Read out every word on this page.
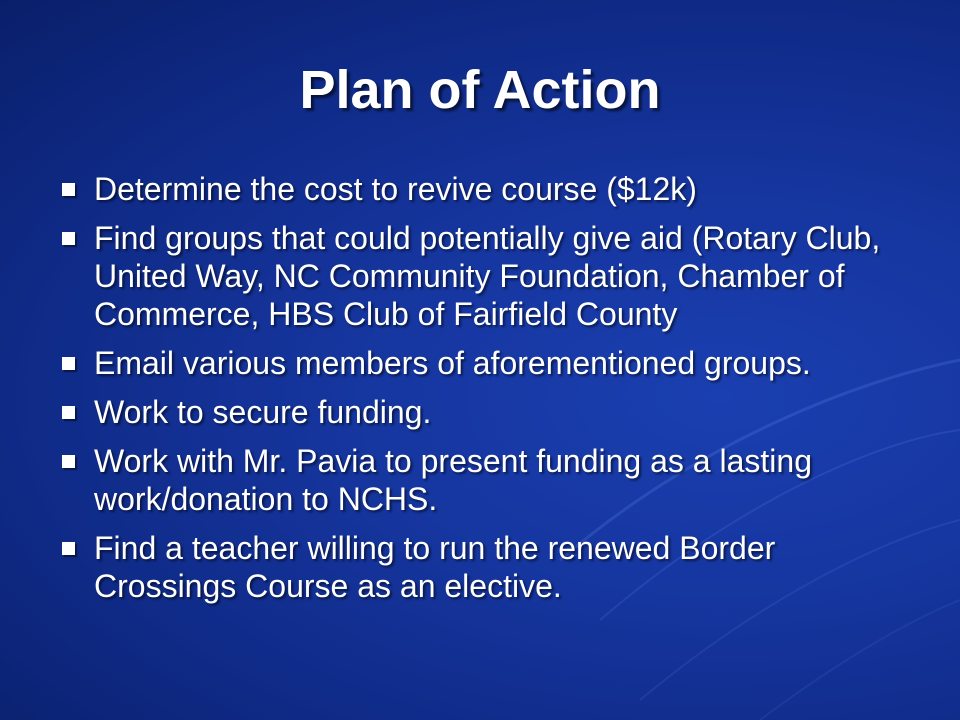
Plan of Action
Determine the cost to revive course ($12k)
Find groups that could potentially give aid (Rotary Club, United Way, NC Community Foundation, Chamber of Commerce, HBS Club of Fairfield County
Email various members of aforementioned groups.
Work to secure funding.
Work with Mr. Pavia to present funding as a lasting work/donation to NCHS.
Find a teacher willing to run the renewed Border Crossings Course as an elective.
